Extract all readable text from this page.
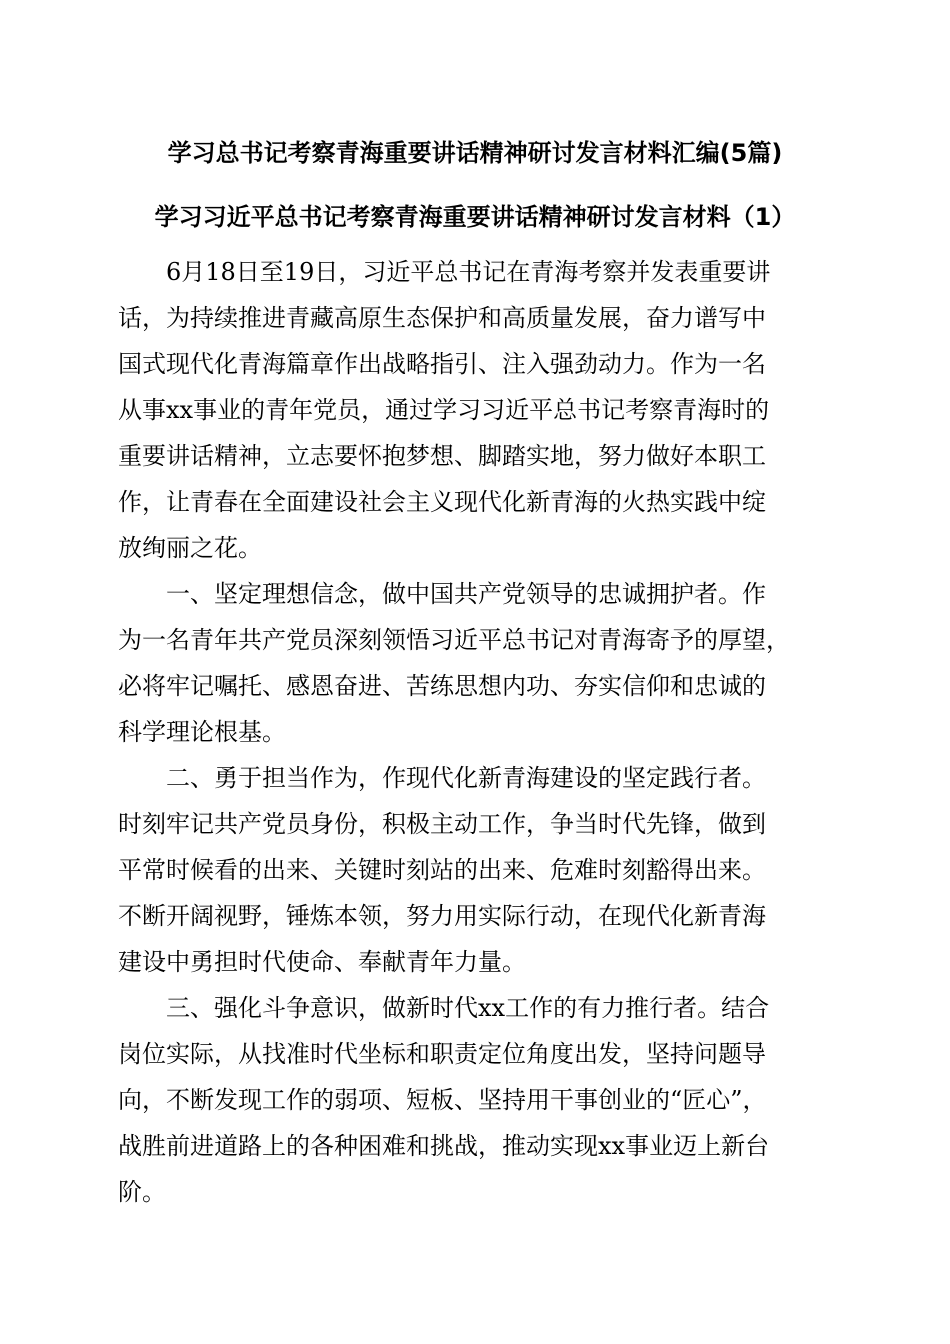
学习总书记考察青海重要讲话精神研讨发言材料汇编(5篇)
学习习近平总书记考察青海重要讲话精神研讨发言材料（1）

6月18日至19日，习近平总书记在青海考察并发表重要讲
话，为持续推进青藏高原生态保护和高质量发展，奋力谱写中
国式现代化青海篇章作出战略指引、注入强劲动力。作为一名
从事xx事业的青年党员，通过学习习近平总书记考察青海时的
重要讲话精神，立志要怀抱梦想、脚踏实地，努力做好本职工
作，让青春在全面建设社会主义现代化新青海的火热实践中绽
放绚丽之花。

一、坚定理想信念，做中国共产党领导的忠诚拥护者。作
为一名青年共产党员深刻领悟习近平总书记对青海寄予的厚望，
必将牢记嘱托、感恩奋进、苦练思想内功、夯实信仰和忠诚的
科学理论根基。

二、勇于担当作为，作现代化新青海建设的坚定践行者。
时刻牢记共产党员身份，积极主动工作，争当时代先锋，做到
平常时候看的出来、关键时刻站的出来、危难时刻豁得出来。
不断开阔视野，锤炼本领，努力用实际行动，在现代化新青海
建设中勇担时代使命、奉献青年力量。

三、强化斗争意识，做新时代xx工作的有力推行者。结合
岗位实际，从找准时代坐标和职责定位角度出发，坚持问题导
向，不断发现工作的弱项、短板、坚持用干事创业的“匠心”，
战胜前进道路上的各种困难和挑战，推动实现xx事业迈上新台
阶。
